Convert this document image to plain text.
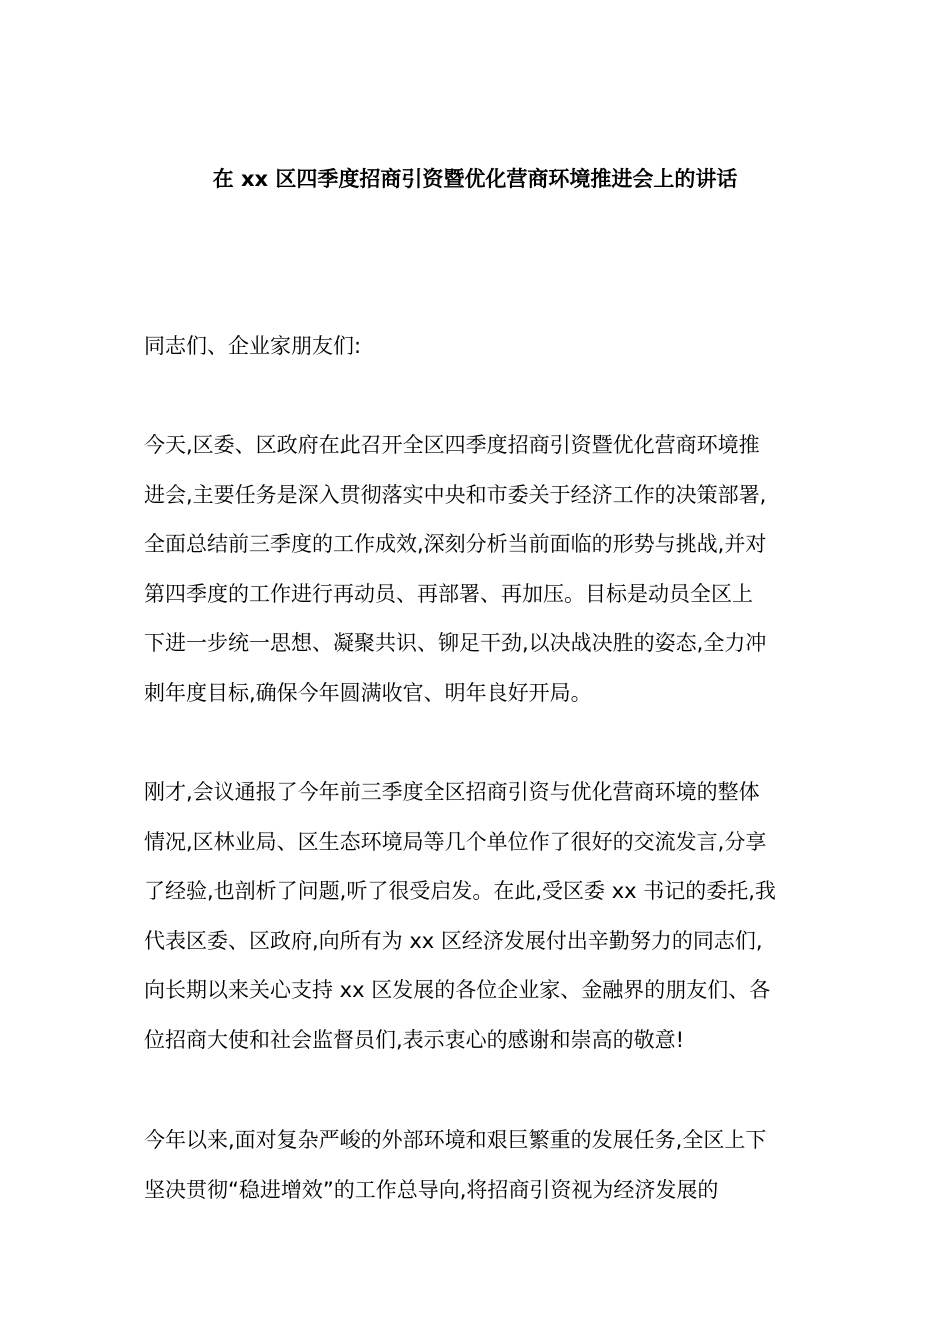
在 xx 区四季度招商引资暨优化营商环境推进会上的讲话
同志们、企业家朋友们:
今天,区委、区政府在此召开全区四季度招商引资暨优化营商环境推
进会,主要任务是深入贯彻落实中央和市委关于经济工作的决策部署,
全面总结前三季度的工作成效,深刻分析当前面临的形势与挑战,并对
第四季度的工作进行再动员、再部署、再加压。目标是动员全区上
下进一步统一思想、凝聚共识、铆足干劲,以决战决胜的姿态,全力冲
刺年度目标,确保今年圆满收官、明年良好开局。
刚才,会议通报了今年前三季度全区招商引资与优化营商环境的整体
情况,区林业局、区生态环境局等几个单位作了很好的交流发言,分享
了经验,也剖析了问题,听了很受启发。在此,受区委 xx 书记的委托,我
代表区委、区政府,向所有为 xx 区经济发展付出辛勤努力的同志们,
向长期以来关心支持 xx 区发展的各位企业家、金融界的朋友们、各
位招商大使和社会监督员们,表示衷心的感谢和崇高的敬意!
今年以来,面对复杂严峻的外部环境和艰巨繁重的发展任务,全区上下
坚决贯彻“稳进增效”的工作总导向,将招商引资视为经济发展的
